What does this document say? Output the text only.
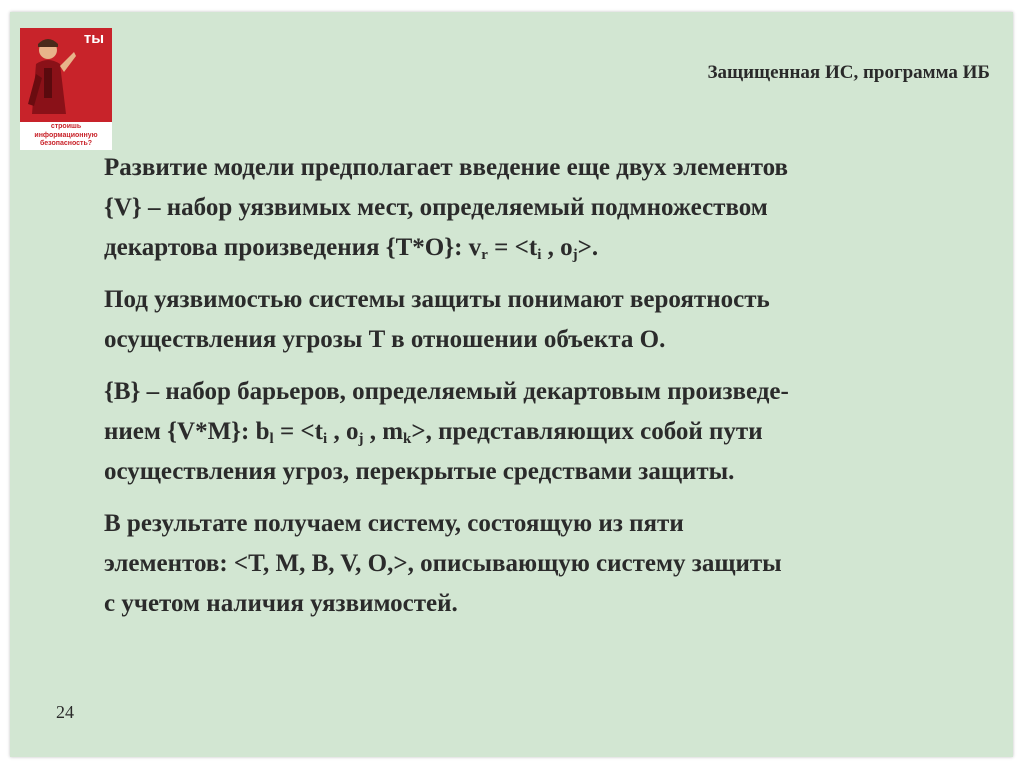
ты
строишь
информационную
безопасность?
Защищенная ИС, программа ИБ
24
Развитие модели предполагает введение еще двух элементов
{V} – набор уязвимых мест, определяемый подмножеством
декартова произведения {T*O}: $v_r = <t_i$ , $o_j>$.
Под уязвимостью системы защиты понимают вероятность
осуществления угрозы T в отношении объекта O.
{B} – набор барьеров, определяемый декартовым произведе-
нием {V*M}: $b_l = <t_i$ , $o_j$ , $m_k>$, представляющих собой пути
осуществления угроз, перекрытые средствами защиты.
В результате получаем систему, состоящую из пяти
элементов: <T, M, B, V, O,>, описывающую систему защиты
с учетом наличия уязвимостей.
